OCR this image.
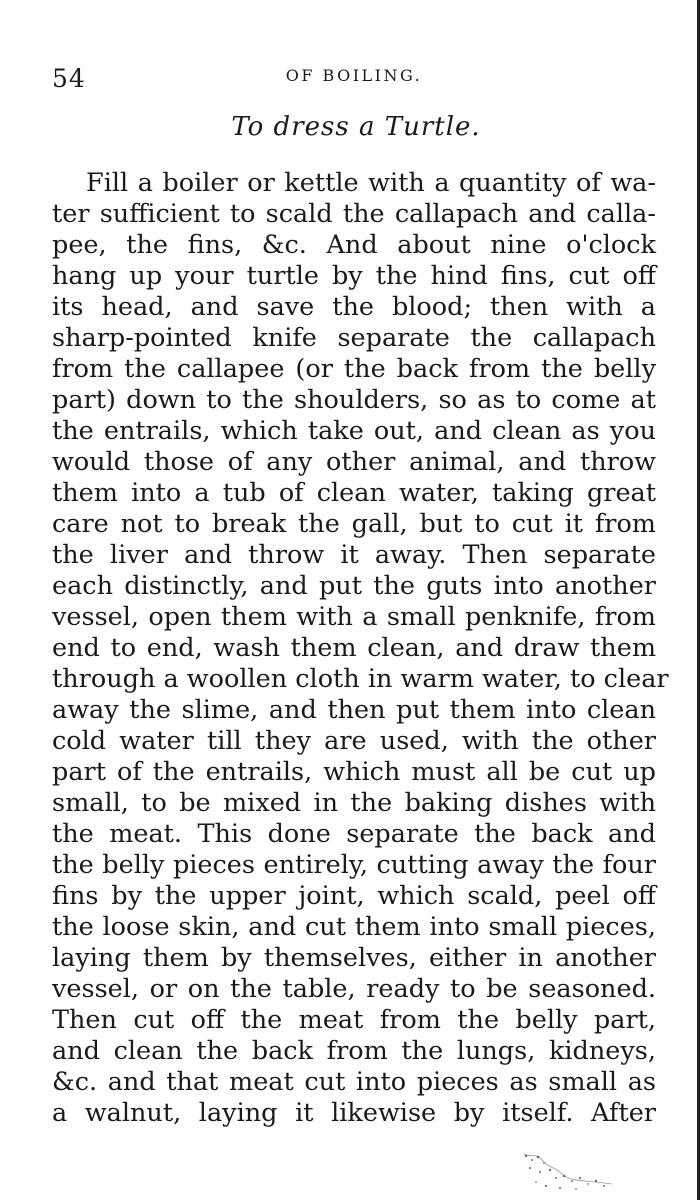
54	OF BOILING.
To dress a Turtle.
Fill a boiler or kettle with a quantity of wa-
ter sufficient to scald the callapach and calla-
pee, the fins, &c. And about nine o'clock
hang up your turtle by the hind fins, cut off
its head, and save the blood; then with a
sharp-pointed knife separate the callapach
from the callapee (or the back from the belly
part) down to the shoulders, so as to come at
the entrails, which take out, and clean as you
would those of any other animal, and throw
them into a tub of clean water, taking great
care not to break the gall, but to cut it from
the liver and throw it away. Then separate
each distinctly, and put the guts into another
vessel, open them with a small penknife, from
end to end, wash them clean, and draw them
through a woollen cloth in warm water, to clear
away the slime, and then put them into clean
cold water till they are used, with the other
part of the entrails, which must all be cut up
small, to be mixed in the baking dishes with
the meat. This done separate the back and
the belly pieces entirely, cutting away the four
fins by the upper joint, which scald, peel off
the loose skin, and cut them into small pieces,
laying them by themselves, either in another
vessel, or on the table, ready to be seasoned.
Then cut off the meat from the belly part,
and clean the back from the lungs, kidneys,
&c. and that meat cut into pieces as small as
a walnut, laying it likewise by itself. After
